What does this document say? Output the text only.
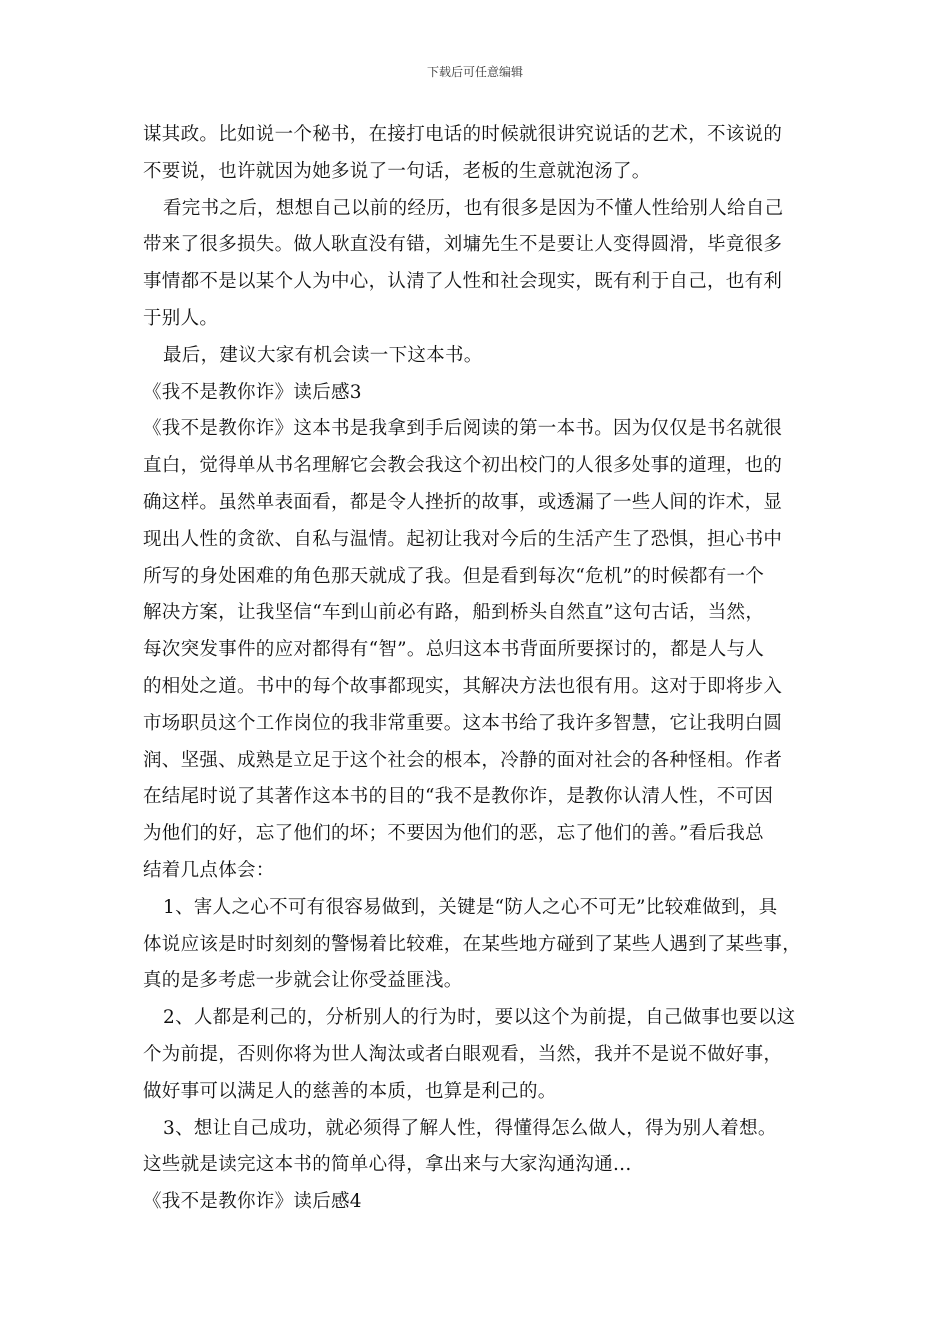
下载后可任意编辑
谋其政。比如说一个秘书，在接打电话的时候就很讲究说话的艺术，不该说的
不要说，也许就因为她多说了一句话，老板的生意就泡汤了。
看完书之后，想想自己以前的经历，也有很多是因为不懂人性给别人给自己
带来了很多损失。做人耿直没有错，刘墉先生不是要让人变得圆滑，毕竟很多
事情都不是以某个人为中心，认清了人性和社会现实，既有利于自己，也有利
于别人。
最后，建议大家有机会读一下这本书。
《我不是教你诈》读后感3
《我不是教你诈》这本书是我拿到手后阅读的第一本书。因为仅仅是书名就很
直白，觉得单从书名理解它会教会我这个初出校门的人很多处事的道理，也的
确这样。虽然单表面看，都是令人挫折的故事，或透漏了一些人间的诈术，显
现出人性的贪欲、自私与温情。起初让我对今后的生活产生了恐惧，担心书中
所写的身处困难的角色那天就成了我。但是看到每次“危机”的时候都有一个
解决方案，让我坚信“车到山前必有路，船到桥头自然直”这句古话，当然，
每次突发事件的应对都得有“智”。总归这本书背面所要探讨的，都是人与人
的相处之道。书中的每个故事都现实，其解决方法也很有用。这对于即将步入
市场职员这个工作岗位的我非常重要。这本书给了我许多智慧，它让我明白圆
润、坚强、成熟是立足于这个社会的根本，冷静的面对社会的各种怪相。作者
在结尾时说了其著作这本书的目的“我不是教你诈，是教你认清人性，不可因
为他们的好，忘了他们的坏；不要因为他们的恶，忘了他们的善。”看后我总
结着几点体会：
1、害人之心不可有很容易做到，关键是“防人之心不可无”比较难做到，具
体说应该是时时刻刻的警惕着比较难，在某些地方碰到了某些人遇到了某些事，
真的是多考虑一步就会让你受益匪浅。
2、人都是利己的，分析别人的行为时，要以这个为前提，自己做事也要以这
个为前提，否则你将为世人淘汰或者白眼观看，当然，我并不是说不做好事，
做好事可以满足人的慈善的本质，也算是利己的。
3、想让自己成功，就必须得了解人性，得懂得怎么做人，得为别人着想。
这些就是读完这本书的简单心得，拿出来与大家沟通沟通...
《我不是教你诈》读后感4
